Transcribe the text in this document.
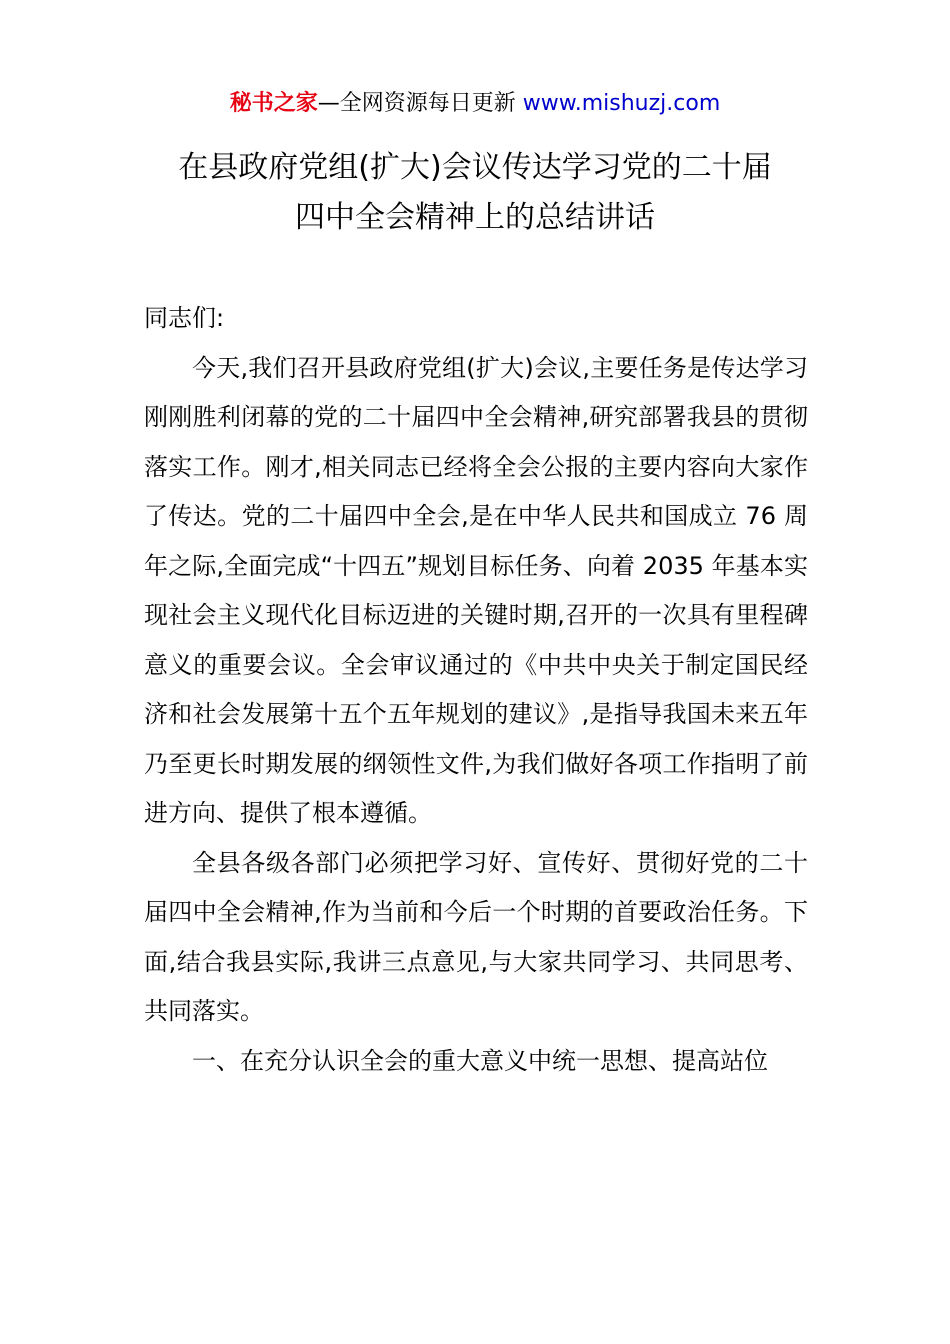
秘书之家—全网资源每日更新 www.mishuzj.com
在县政府党组(扩大)会议传达学习党的二十届
四中全会精神上的总结讲话

同志们:

今天,我们召开县政府党组(扩大)会议,主要任务是传达学习刚刚胜利闭幕的党的二十届四中全会精神,研究部署我县的贯彻落实工作。刚才,相关同志已经将全会公报的主要内容向大家作了传达。党的二十届四中全会,是在中华人民共和国成立 76 周年之际,全面完成“十四五”规划目标任务、向着 2035 年基本实现社会主义现代化目标迈进的关键时期,召开的一次具有里程碑意义的重要会议。全会审议通过的《中共中央关于制定国民经济和社会发展第十五个五年规划的建议》,是指导我国未来五年乃至更长时期发展的纲领性文件,为我们做好各项工作指明了前进方向、提供了根本遵循。

全县各级各部门必须把学习好、宣传好、贯彻好党的二十届四中全会精神,作为当前和今后一个时期的首要政治任务。下面,结合我县实际,我讲三点意见,与大家共同学习、共同思考、共同落实。

一、在充分认识全会的重大意义中统一思想、提高站位
